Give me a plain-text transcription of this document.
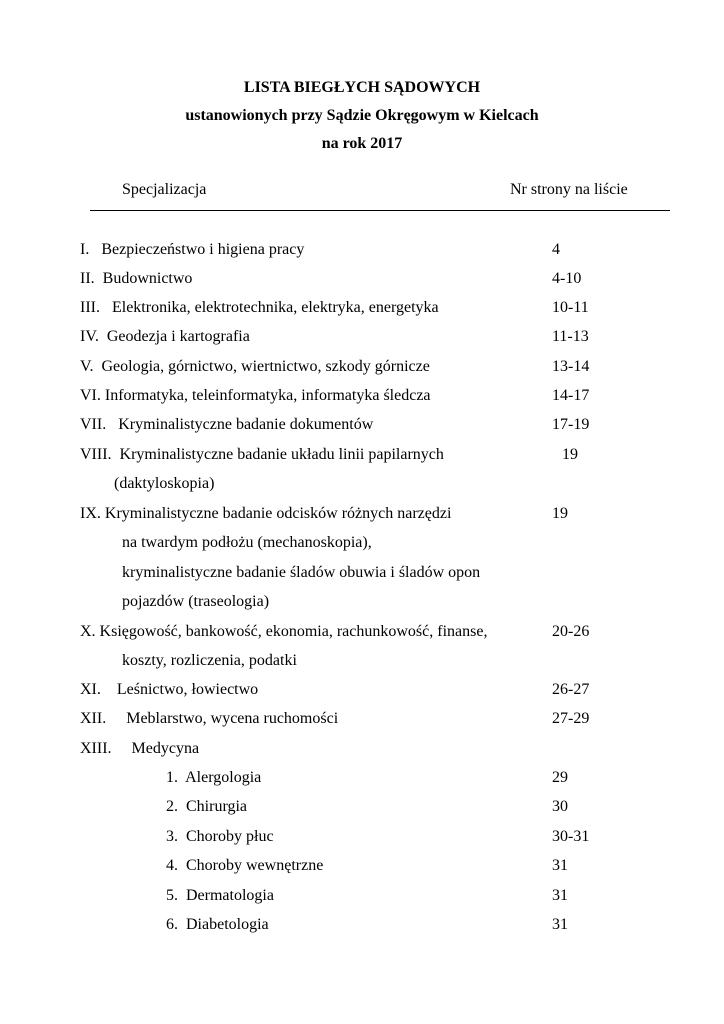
LISTA BIEGŁYCH SĄDOWYCH
ustanowionych przy Sądzie Okręgowym w Kielcach
na rok 2017
Specjalizacja	Nr strony na liście
I.   Bezpieczeństwo i higiena pracy	4
II.  Budownictwo	4-10
III.   Elektronika, elektrotechnika, elektryka, energetyka	10-11
IV.  Geodezja i kartografia	11-13
V.  Geologia, górnictwo, wiertnictwo, szkody górnicze	13-14
VI. Informatyka, teleinformatyka, informatyka śledcza	14-17
VII.   Kryminalistyczne badanie dokumentów	17-19
VIII.  Kryminalistyczne badanie układu linii papilarnych	19
(daktyloskopia)
IX. Kryminalistyczne badanie odcisków różnych narzędzi	19
na twardym podłożu (mechanoskopia),
kryminalistyczne badanie śladów obuwia i śladów opon
pojazdów (traseologia)
X. Księgowość, bankowość, ekonomia, rachunkowość, finanse,	20-26
koszty, rozliczenia, podatki
XI.    Leśnictwo, łowiectwo	26-27
XII.     Meblarstwo, wycena ruchomości	27-29
XIII.     Medycyna
1.  Alergologia	29
2.  Chirurgia	30
3.  Choroby płuc	30-31
4.  Choroby wewnętrzne	31
5.  Dermatologia	31
6.  Diabetologia	31
